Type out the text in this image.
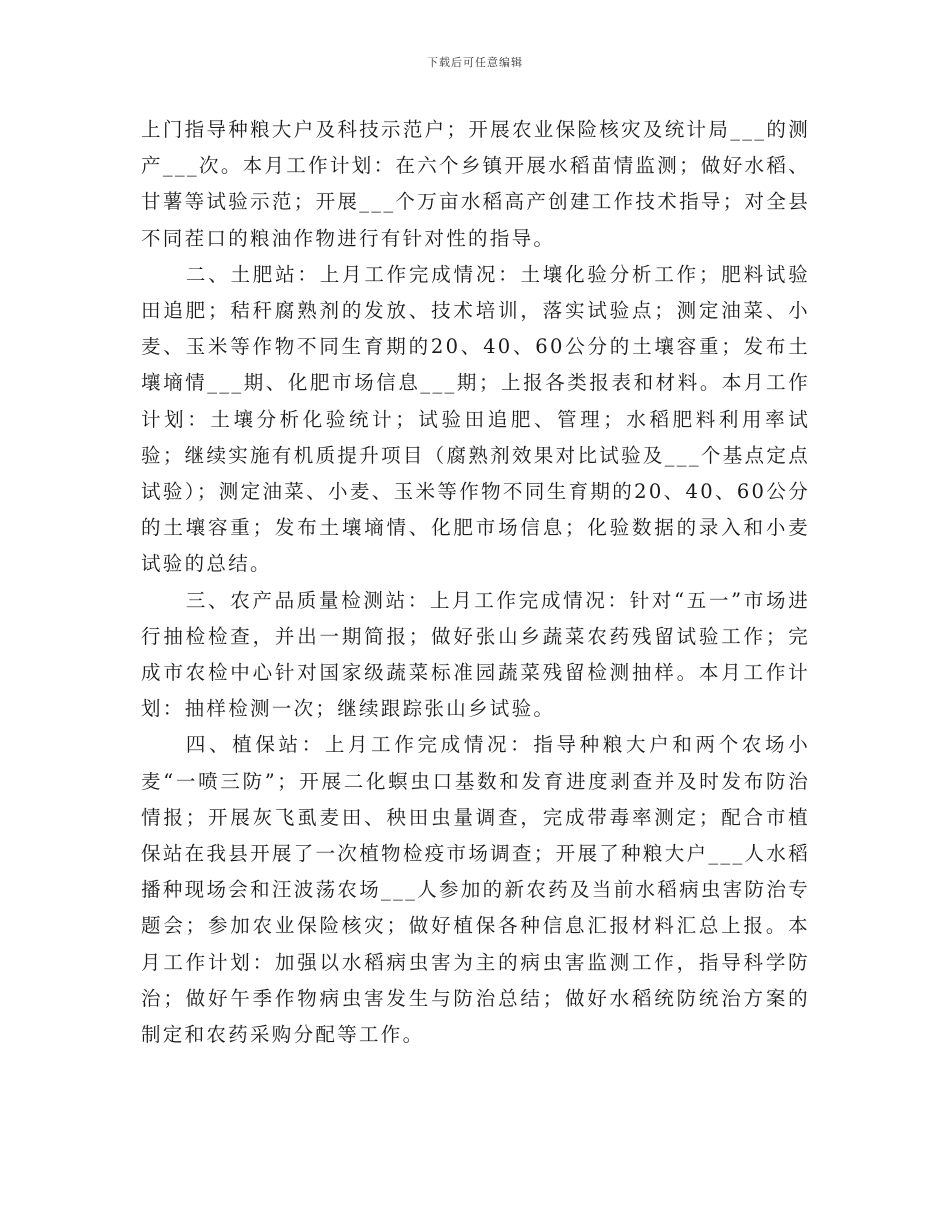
下载后可任意编辑

上门指导种粮大户及科技示范户；开展农业保险核灾及统计局___的测产___次。本月工作计划：在六个乡镇开展水稻苗情监测；做好水稻、甘薯等试验示范；开展___个万亩水稻高产创建工作技术指导；对全县不同茬口的粮油作物进行有针对性的指导。

二、土肥站：上月工作完成情况：土壤化验分析工作；肥料试验田追肥；秸秆腐熟剂的发放、技术培训，落实试验点；测定油菜、小麦、玉米等作物不同生育期的20、40、60公分的土壤容重；发布土壤墒情___期、化肥市场信息___期；上报各类报表和材料。本月工作计划：土壤分析化验统计；试验田追肥、管理；水稻肥料利用率试验；继续实施有机质提升项目（腐熟剂效果对比试验及___个基点定点试验）；测定油菜、小麦、玉米等作物不同生育期的20、40、60公分的土壤容重；发布土壤墒情、化肥市场信息；化验数据的录入和小麦试验的总结。

三、农产品质量检测站：上月工作完成情况：针对“五一”市场进行抽检检查，并出一期简报；做好张山乡蔬菜农药残留试验工作；完成市农检中心针对国家级蔬菜标准园蔬菜残留检测抽样。本月工作计划：抽样检测一次；继续跟踪张山乡试验。

四、植保站：上月工作完成情况：指导种粮大户和两个农场小麦“一喷三防”；开展二化螟虫口基数和发育进度剥查并及时发布防治情报；开展灰飞虱麦田、秧田虫量调查，完成带毒率测定；配合市植保站在我县开展了一次植物检疫市场调查；开展了种粮大户___人水稻播种现场会和汪波荡农场___人参加的新农药及当前水稻病虫害防治专题会；参加农业保险核灾；做好植保各种信息汇报材料汇总上报。本月工作计划：加强以水稻病虫害为主的病虫害监测工作，指导科学防治；做好午季作物病虫害发生与防治总结；做好水稻统防统治方案的制定和农药采购分配等工作。
